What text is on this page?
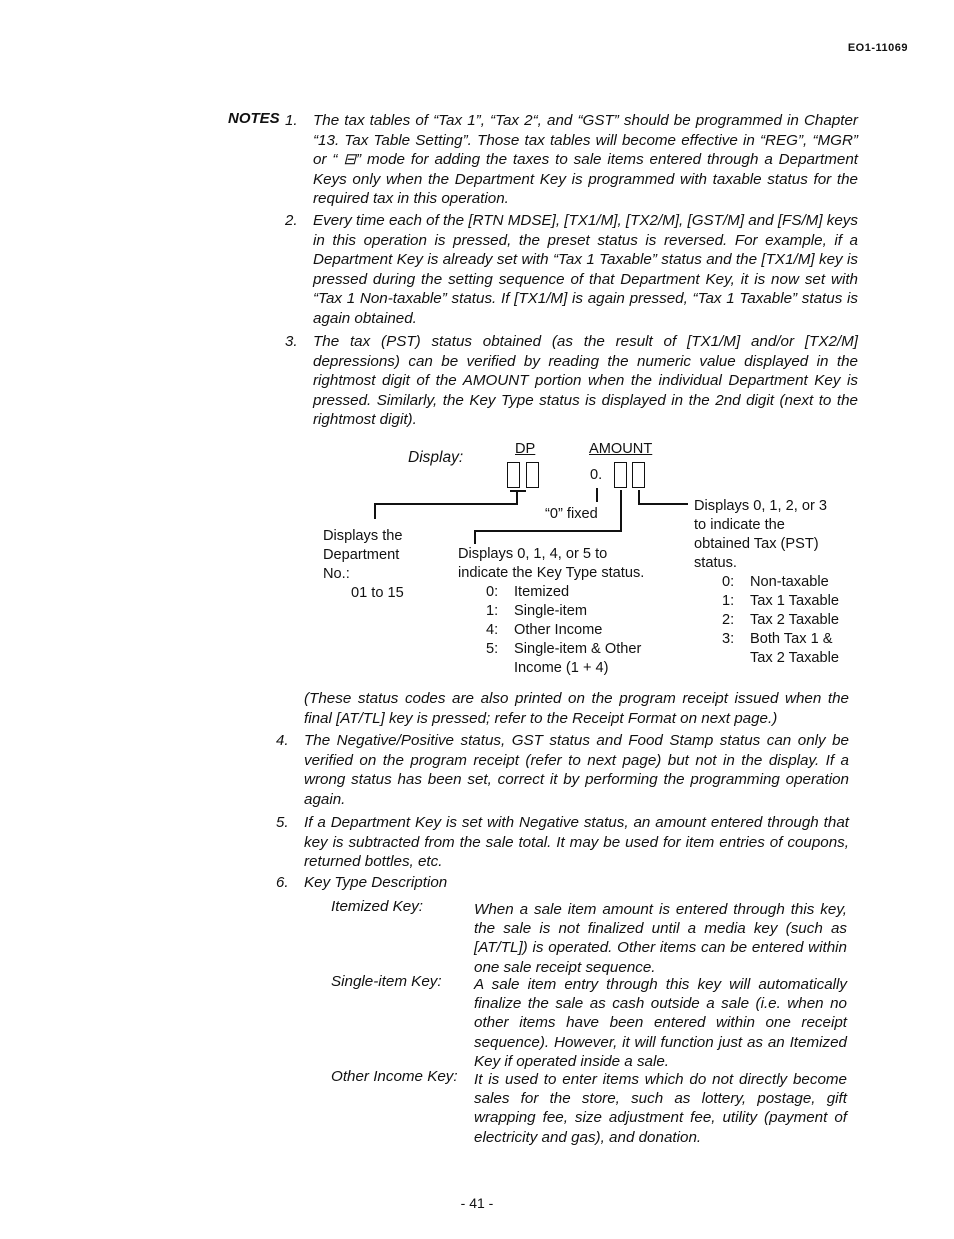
EO1-11069
NOTES 1. The tax tables of “Tax 1”, “Tax 2“, and “GST” should be programmed in Chapter “13. Tax Table Setting”. Those tax tables will become effective in “REG”, “MGR” or “ ⊟” mode for adding the taxes to sale items entered through a Department Keys only when the Department Key is programmed with taxable status for the required tax in this operation.

2. Every time each of the [RTN MDSE], [TX1/M], [TX2/M], [GST/M] and [FS/M] keys in this operation is pressed, the preset status is reversed. For example, if a Department Key is already set with “Tax 1 Taxable” status and the [TX1/M] key is pressed during the setting sequence of that Department Key, it is now set with “Tax 1 Non-taxable” status. If [TX1/M] is again pressed, “Tax 1 Taxable” status is again obtained.

3. The tax (PST) status obtained (as the result of [TX1/M] and/or [TX2/M] depressions) can be verified by reading the numeric value displayed in the rightmost digit of the AMOUNT portion when the individual Department Key is pressed. Similarly, the Key Type status is displayed in the 2nd digit (next to the rightmost digit).

Display:	DP	AMOUNT
0.
“0” fixed
Displays the
Department
No.:
01 to 15
Displays 0, 1, 4, or 5 to
indicate the Key Type status.
0: Itemized
1: Single-item
4: Other Income
5: Single-item & Other
Income (1 + 4)
Displays 0, 1, 2, or 3
to indicate the
obtained Tax (PST)
status.
0: Non-taxable
1: Tax 1 Taxable
2: Tax 2 Taxable
3: Both Tax 1 &
Tax 2 Taxable

(These status codes are also printed on the program receipt issued when the final [AT/TL] key is pressed; refer to the Receipt Format on next page.)

4. The Negative/Positive status, GST status and Food Stamp status can only be verified on the program receipt (refer to next page) but not in the display. If a wrong status has been set, correct it by performing the programming operation again.

5. If a Department Key is set with Negative status, an amount entered through that key is subtracted from the sale total. It may be used for item entries of coupons, returned bottles, etc.

6. Key Type Description
Itemized Key:	When a sale item amount is entered through this key, the sale is not finalized until a media key (such as [AT/TL]) is operated. Other items can be entered within one sale receipt sequence.

Single-item Key: A sale item entry through this key will automatically finalize the sale as cash outside a sale (i.e. when no other items have been entered within one receipt sequence). However, it will function just as an Itemized Key if operated inside a sale.

Other Income Key: It is used to enter items which do not directly become sales for the store, such as lottery, postage, gift wrapping fee, size adjustment fee, utility (payment of electricity and gas), and donation.

- 41 -
